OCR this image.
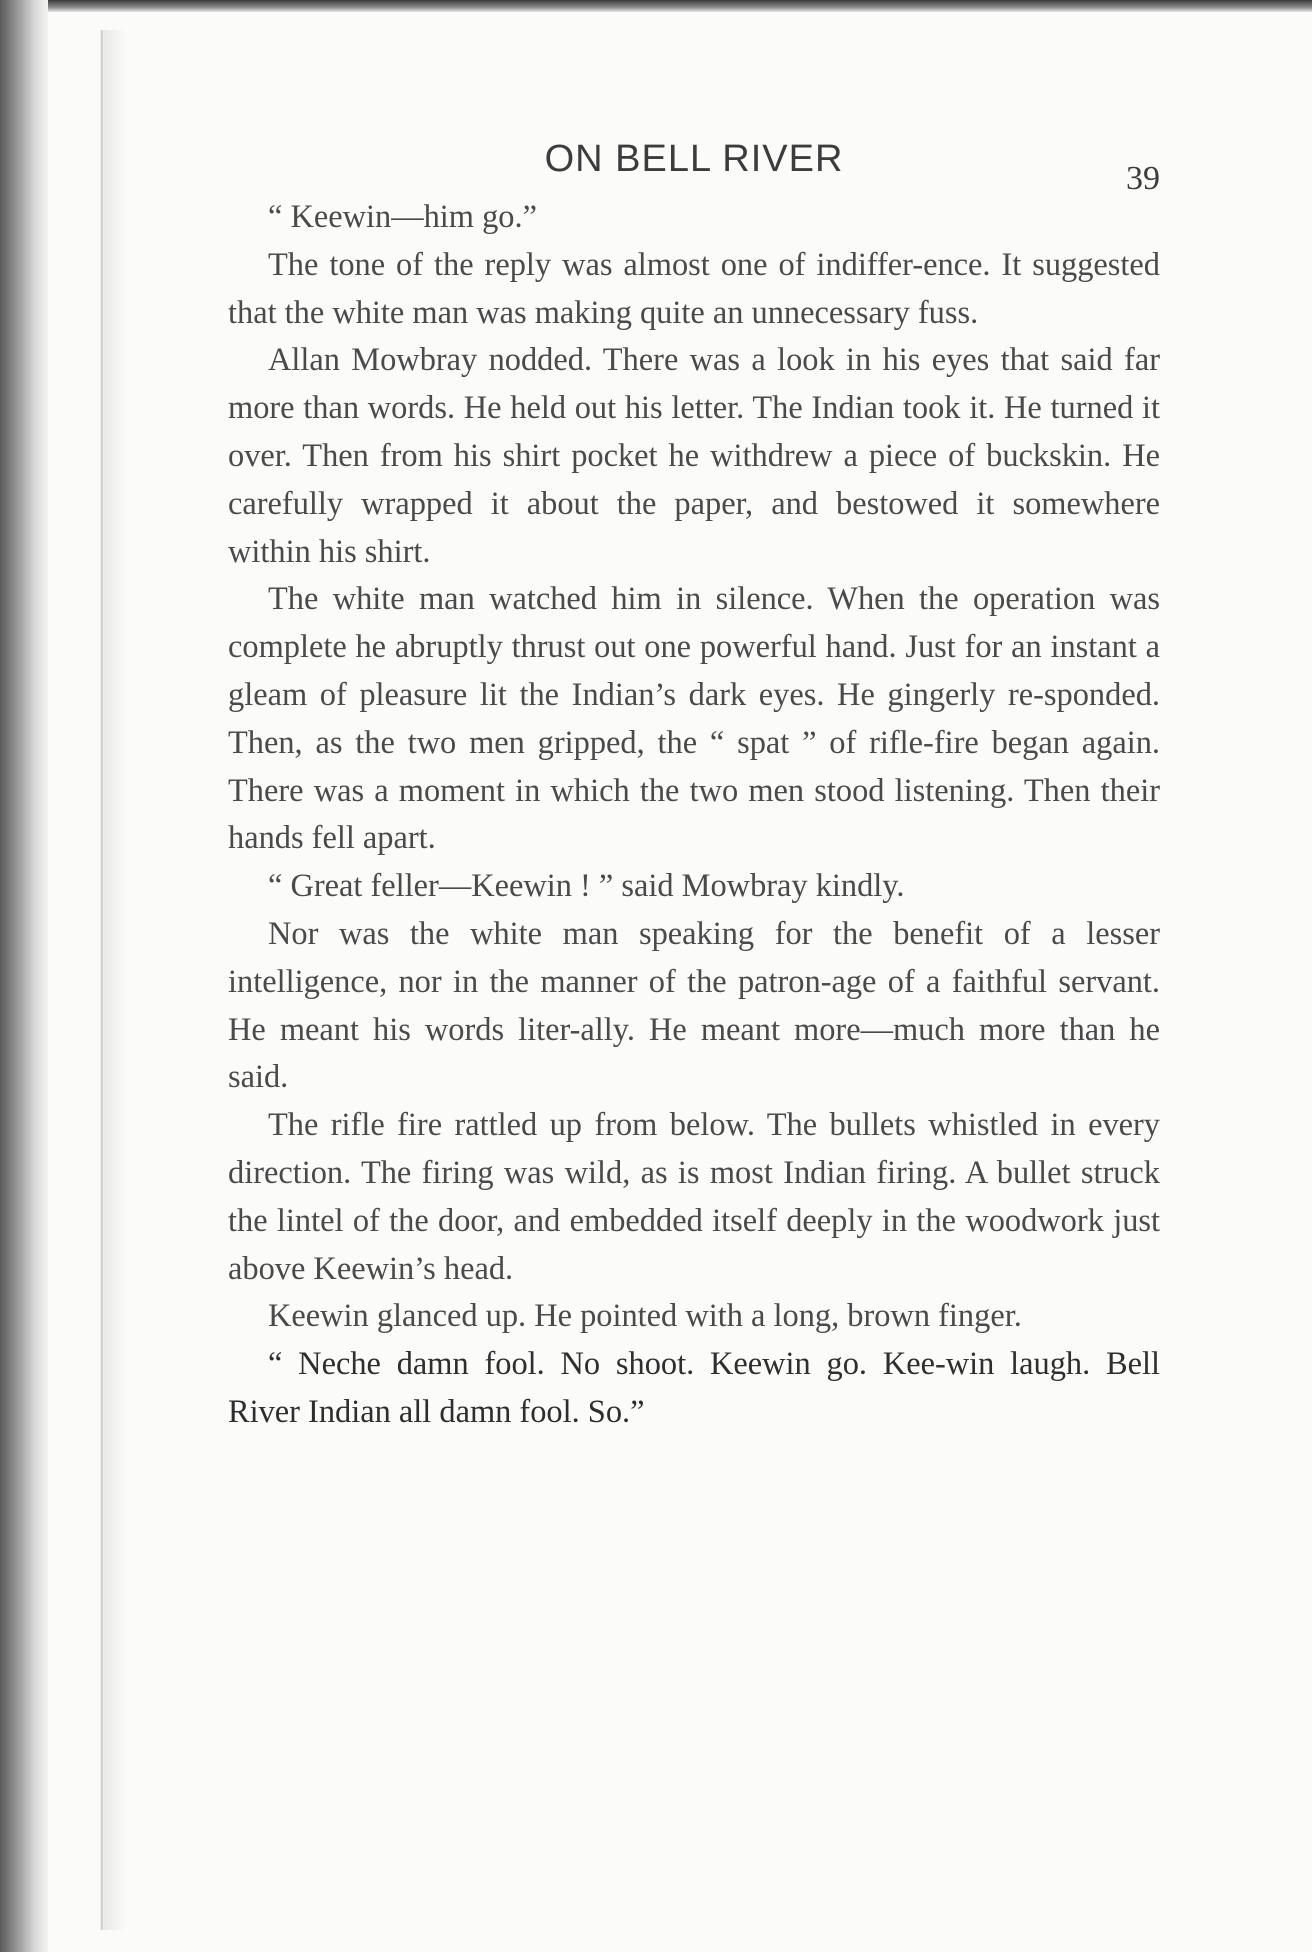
ON BELL RIVER	39

“ Keewin—him go.”

The tone of the reply was almost one of indiffer-ence. It suggested that the white man was making quite an unnecessary fuss.

Allan Mowbray nodded. There was a look in his eyes that said far more than words. He held out his letter. The Indian took it. He turned it over. Then from his shirt pocket he withdrew a piece of buckskin. He carefully wrapped it about the paper, and bestowed it somewhere within his shirt.

The white man watched him in silence. When the operation was complete he abruptly thrust out one powerful hand. Just for an instant a gleam of pleasure lit the Indian’s dark eyes. He gingerly re-sponded. Then, as the two men gripped, the “ spat ” of rifle-fire began again. There was a moment in which the two men stood listening. Then their hands fell apart.

“ Great feller—Keewin ! ” said Mowbray kindly.

Nor was the white man speaking for the benefit of a lesser intelligence, nor in the manner of the patron-age of a faithful servant. He meant his words liter-ally. He meant more—much more than he said.

The rifle fire rattled up from below. The bullets whistled in every direction. The firing was wild, as is most Indian firing. A bullet struck the lintel of the door, and embedded itself deeply in the woodwork just above Keewin’s head.

Keewin glanced up. He pointed with a long, brown finger.

“ Neche damn fool. No shoot. Keewin go. Kee-win laugh. Bell River Indian all damn fool. So.”
